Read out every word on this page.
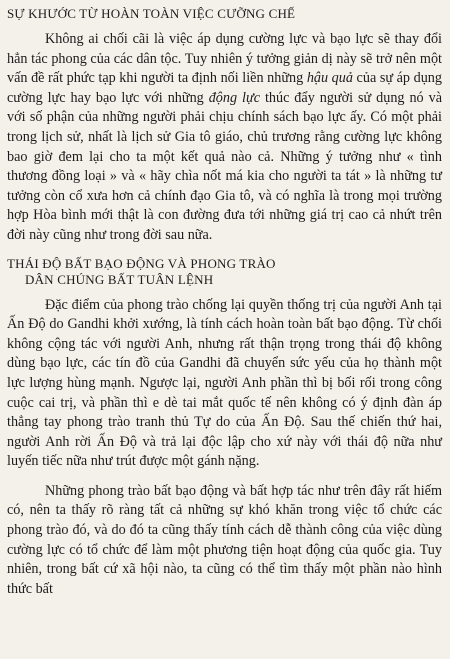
SỰ KHƯỚC TỪ HOÀN TOÀN VIỆC CƯỠNG CHẾ

Không ai chối cãi là việc áp dụng cường lực và bạo lực sẽ thay đổi hẳn tác phong của các dân tộc. Tuy nhiên ý tưởng giản dị này sẽ trở nên một vấn đề rất phức tạp khi người ta định nối liền những hậu quả của sự áp dụng cường lực hay bạo lực với những động lực thúc đẩy người sử dụng nó và với số phận của những người phải chịu chính sách bạo lực ấy. Có một phải trong lịch sử, nhất là lịch sử Gia tô giáo, chủ trương rằng cường lực không bao giờ đem lại cho ta một kết quả nào cả. Những ý tưởng như « tình thương đồng loại » và « hãy chìa nốt má kia cho người ta tát » là những tư tưởng còn cổ xưa hơn cả chính đạo Gia tô, và có nghĩa là trong mọi trường hợp Hòa bình mới thật là con đường đưa tới những giá trị cao cả nhứt trên đời này cũng như trong đời sau nữa.

THÁI ĐỘ BẤT BẠO ĐỘNG VÀ PHONG TRÀO
DÂN CHÚNG BẤT TUÂN LỆNH

Đặc điểm của phong trào chống lại quyền thống trị của người Anh tại Ấn Độ do Gandhi khởi xướng, là tính cách hoàn toàn bất bạo động. Từ chối không cộng tác với người Anh, nhưng rất thận trọng trong thái độ không dùng bạo lực, các tín đồ của Gandhi đã chuyển sức yếu của họ thành một lực lượng hùng mạnh. Ngược lại, người Anh phần thì bị bối rối trong công cuộc cai trị, và phần thì e dè tai mắt quốc tế nên không có ý định đàn áp thẳng tay phong trào tranh thủ Tự do của Ấn Độ. Sau thế chiến thứ hai, người Anh rời Ấn Độ và trả lại độc lập cho xứ này với thái độ nữa như luyến tiếc nữa như trút được một gánh nặng.

Những phong trào bất bạo động và bất hợp tác như trên đây rất hiếm có, nên ta thấy rõ ràng tất cả những sự khó khăn trong việc tổ chức các phong trào đó, và do đó ta cũng thấy tính cách dễ thành công của việc dùng cường lực có tổ chức để làm một phương tiện hoạt động của quốc gia. Tuy nhiên, trong bất cứ xã hội nào, ta cũng có thể tìm thấy một phần nào hình thức bất
